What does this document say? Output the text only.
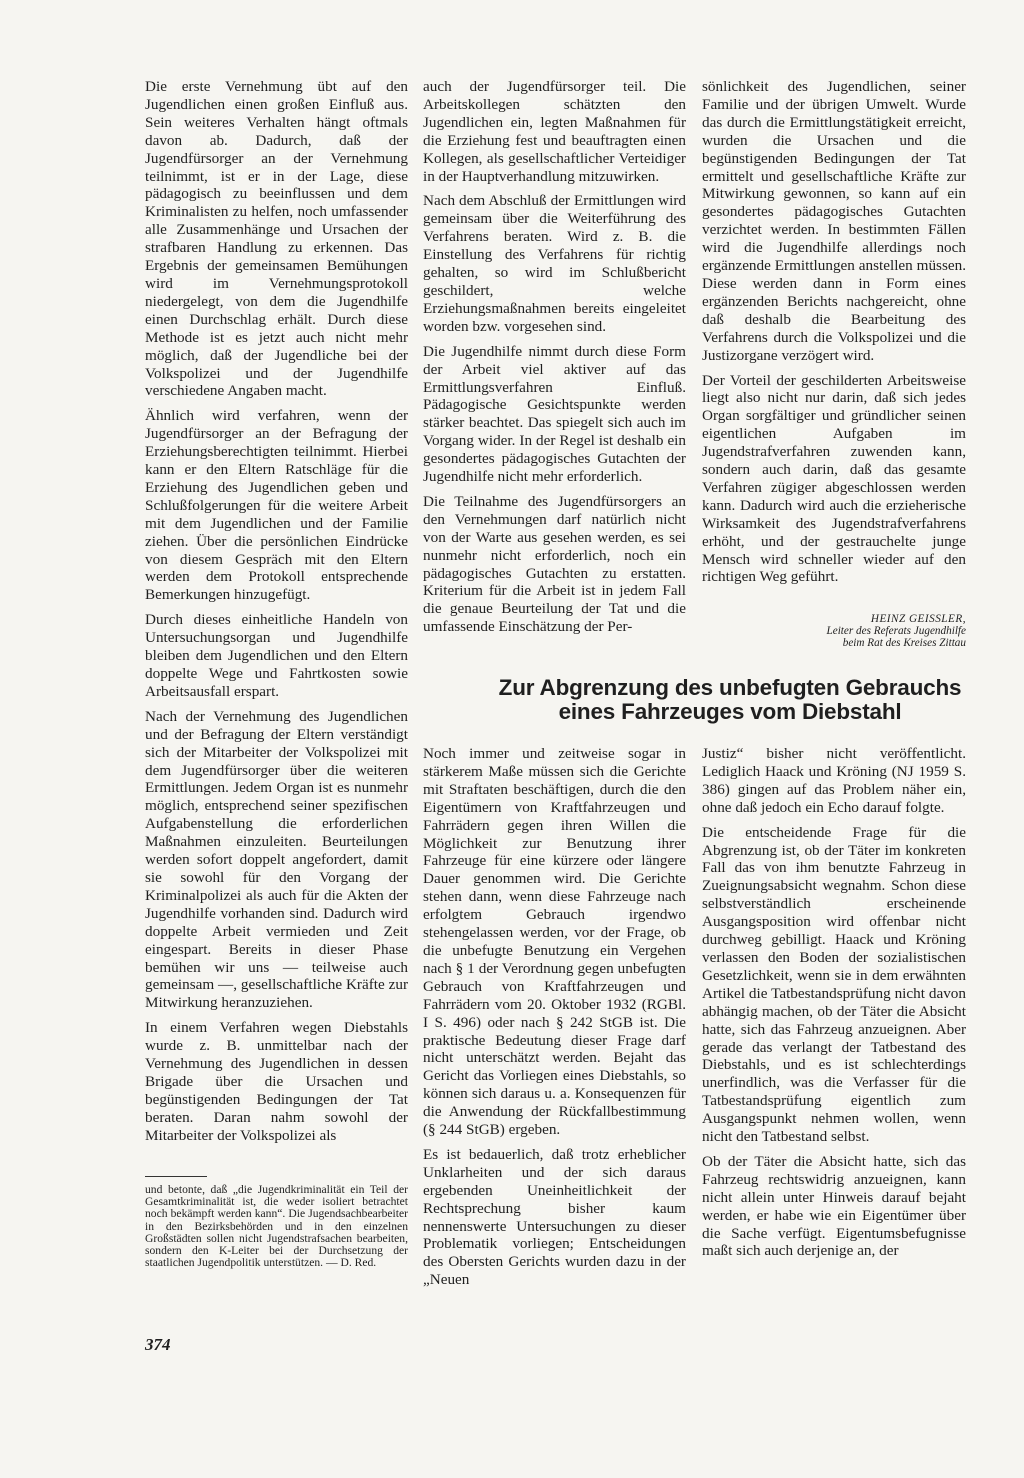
Die erste Vernehmung übt auf den Jugendlichen einen großen Einfluß aus. Sein weiteres Verhalten hängt oftmals davon ab. Dadurch, daß der Jugendfürsorger an der Vernehmung teilnimmt, ist er in der Lage, diese pädagogisch zu beeinflussen und dem Kriminalisten zu helfen, noch umfassender alle Zusammenhänge und Ursachen der strafbaren Handlung zu erkennen. Das Ergebnis der gemeinsamen Bemühungen wird im Vernehmungsprotokoll niedergelegt, von dem die Jugendhilfe einen Durchschlag erhält. Durch diese Methode ist es jetzt auch nicht mehr möglich, daß der Jugendliche bei der Volkspolizei und der Jugendhilfe verschiedene Angaben macht.

Ähnlich wird verfahren, wenn der Jugendfürsorger an der Befragung der Erziehungsberechtigten teilnimmt. Hierbei kann er den Eltern Ratschläge für die Erziehung des Jugendlichen geben und Schlußfolgerungen für die weitere Arbeit mit dem Jugendlichen und der Familie ziehen. Über die persönlichen Eindrücke von diesem Gespräch mit den Eltern werden dem Protokoll entsprechende Bemerkungen hinzugefügt.

Durch dieses einheitliche Handeln von Untersuchungsorgan und Jugendhilfe bleiben dem Jugendlichen und den Eltern doppelte Wege und Fahrtkosten sowie Arbeitsausfall erspart.

Nach der Vernehmung des Jugendlichen und der Befragung der Eltern verständigt sich der Mitarbeiter der Volkspolizei mit dem Jugendfürsorger über die weiteren Ermittlungen. Jedem Organ ist es nunmehr möglich, entsprechend seiner spezifischen Aufgabenstellung die erforderlichen Maßnahmen einzuleiten. Beurteilungen werden sofort doppelt angefordert, damit sie sowohl für den Vorgang der Kriminalpolizei als auch für die Akten der Jugendhilfe vorhanden sind. Dadurch wird doppelte Arbeit vermieden und Zeit eingespart. Bereits in dieser Phase bemühen wir uns — teilweise auch gemeinsam —, gesellschaftliche Kräfte zur Mitwirkung heranzuziehen.

In einem Verfahren wegen Diebstahls wurde z. B. unmittelbar nach der Vernehmung des Jugendlichen in dessen Brigade über die Ursachen und begünstigenden Bedingungen der Tat beraten. Daran nahm sowohl der Mitarbeiter der Volkspolizei als

auch der Jugendfürsorger teil. Die Arbeitskollegen schätzten den Jugendlichen ein, legten Maßnahmen für die Erziehung fest und beauftragten einen Kollegen, als gesellschaftlicher Verteidiger in der Hauptverhandlung mitzuwirken.

Nach dem Abschluß der Ermittlungen wird gemeinsam über die Weiterführung des Verfahrens beraten. Wird z. B. die Einstellung des Verfahrens für richtig gehalten, so wird im Schlußbericht geschildert, welche Erziehungsmaßnahmen bereits eingeleitet worden bzw. vorgesehen sind.

Die Jugendhilfe nimmt durch diese Form der Arbeit viel aktiver auf das Ermittlungsverfahren Einfluß. Pädagogische Gesichtspunkte werden stärker beachtet. Das spiegelt sich auch im Vorgang wider. In der Regel ist deshalb ein gesondertes pädagogisches Gutachten der Jugendhilfe nicht mehr erforderlich.

Die Teilnahme des Jugendfürsorgers an den Vernehmungen darf natürlich nicht von der Warte aus gesehen werden, es sei nunmehr nicht erforderlich, noch ein pädagogisches Gutachten zu erstatten. Kriterium für die Arbeit ist in jedem Fall die genaue Beurteilung der Tat und die umfassende Einschätzung der Per-

sönlichkeit des Jugendlichen, seiner Familie und der übrigen Umwelt. Wurde das durch die Ermittlungstätigkeit erreicht, wurden die Ursachen und die begünstigenden Bedingungen der Tat ermittelt und gesellschaftliche Kräfte zur Mitwirkung gewonnen, so kann auf ein gesondertes pädagogisches Gutachten verzichtet werden. In bestimmten Fällen wird die Jugendhilfe allerdings noch ergänzende Ermittlungen anstellen müssen. Diese werden dann in Form eines ergänzenden Berichts nachgereicht, ohne daß deshalb die Bearbeitung des Verfahrens durch die Volkspolizei und die Justizorgane verzögert wird.

Der Vorteil der geschilderten Arbeitsweise liegt also nicht nur darin, daß sich jedes Organ sorgfältiger und gründlicher seinen eigentlichen Aufgaben im Jugendstrafverfahren zuwenden kann, sondern auch darin, daß das gesamte Verfahren zügiger abgeschlossen werden kann. Dadurch wird auch die erzieherische Wirksamkeit des Jugendstrafverfahrens erhöht, und der gestrauchelte junge Mensch wird schneller wieder auf den richtigen Weg geführt.

HEINZ GEISSLER,
Leiter des Referats Jugendhilfe
beim Rat des Kreises Zittau
Zur Abgrenzung des unbefugten Gebrauchs
eines Fahrzeuges vom Diebstahl

Noch immer und zeitweise sogar in stärkerem Maße müssen sich die Gerichte mit Straftaten beschäftigen, durch die den Eigentümern von Kraftfahrzeugen und Fahrrädern gegen ihren Willen die Möglichkeit zur Benutzung ihrer Fahrzeuge für eine kürzere oder längere Dauer genommen wird. Die Gerichte stehen dann, wenn diese Fahrzeuge nach erfolgtem Gebrauch irgendwo stehengelassen werden, vor der Frage, ob die unbefugte Benutzung ein Vergehen nach § 1 der Verordnung gegen unbefugten Gebrauch von Kraftfahrzeugen und Fahrrädern vom 20. Oktober 1932 (RGBl. I S. 496) oder nach § 242 StGB ist. Die praktische Bedeutung dieser Frage darf nicht unterschätzt werden. Bejaht das Gericht das Vorliegen eines Diebstahls, so können sich daraus u. a. Konsequenzen für die Anwendung der Rückfallbestimmung (§ 244 StGB) ergeben.

Es ist bedauerlich, daß trotz erheblicher Unklarheiten und der sich daraus ergebenden Uneinheitlichkeit der Rechtsprechung bisher kaum nennenswerte Untersuchungen zu dieser Problematik vorliegen; Entscheidungen des Obersten Gerichts wurden dazu in der „Neuen

Justiz“ bisher nicht veröffentlicht. Lediglich Haack und Kröning (NJ 1959 S. 386) gingen auf das Problem näher ein, ohne daß jedoch ein Echo darauf folgte.

Die entscheidende Frage für die Abgrenzung ist, ob der Täter im konkreten Fall das von ihm benutzte Fahrzeug in Zueignungsabsicht wegnahm. Schon diese selbstverständlich erscheinende Ausgangsposition wird offenbar nicht durchweg gebilligt. Haack und Kröning verlassen den Boden der sozialistischen Gesetzlichkeit, wenn sie in dem erwähnten Artikel die Tatbestandsprüfung nicht davon abhängig machen, ob der Täter die Absicht hatte, sich das Fahrzeug anzueignen. Aber gerade das verlangt der Tatbestand des Diebstahls, und es ist schlechterdings unerfindlich, was die Verfasser für die Tatbestandsprüfung eigentlich zum Ausgangspunkt nehmen wollen, wenn nicht den Tatbestand selbst.

Ob der Täter die Absicht hatte, sich das Fahrzeug rechtswidrig anzueignen, kann nicht allein unter Hinweis darauf bejaht werden, er habe wie ein Eigentümer über die Sache verfügt. Eigentumsbefugnisse maßt sich auch derjenige an, der

und betonte, daß „die Jugendkriminalität ein Teil der Gesamtkriminalität ist, die weder isoliert betrachtet noch bekämpft werden kann“. Die Jugendsachbearbeiter in den Bezirksbehörden und in den einzelnen Großstädten sollen nicht Jugendstrafsachen bearbeiten, sondern den K-Leiter bei der Durchsetzung der staatlichen Jugendpolitik unterstützen. — D. Red.
374
